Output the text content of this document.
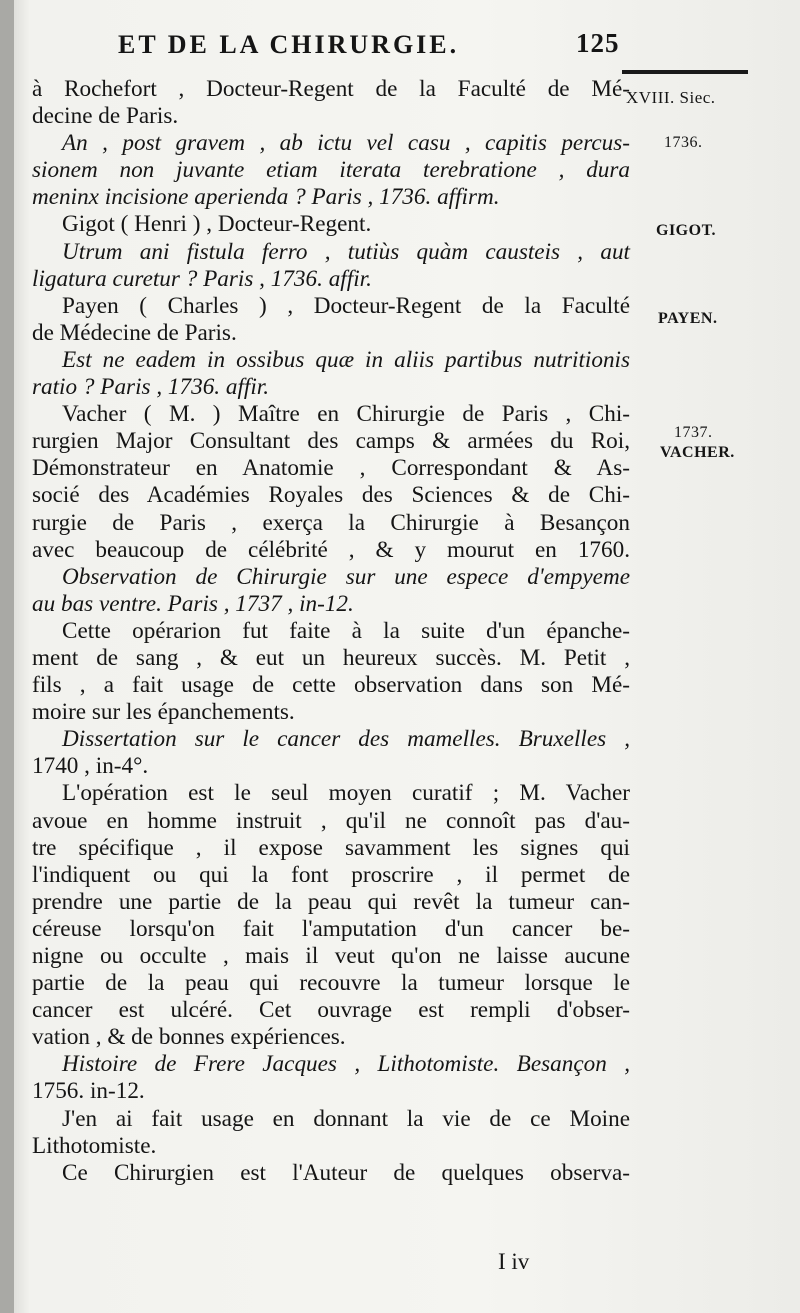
ET DE LA CHIRURGIE.	125
à Rochefort , Docteur-Regent de la Faculté de Mé-
decine de Paris.
An , post gravem , ab ictu vel casu , capitis percus-
sionem non juvante etiam iterata terebratione , dura
meninx incisione aperienda ? Paris , 1736. affirm.
Gigot ( Henri ) , Docteur-Regent.
Utrum ani fistula ferro , tutiùs quàm causteis , aut
ligatura curetur ? Paris , 1736. affir.
Payen ( Charles ) , Docteur-Regent de la Faculté
de Médecine de Paris.
Est ne eadem in ossibus quæ in aliis partibus nutritionis
ratio ? Paris , 1736. affir.
Vacher ( M. ) Maître en Chirurgie de Paris , Chi-
rurgien Major Consultant des camps & armées du Roi,
Démonstrateur en Anatomie , Correspondant & As-
socié des Académies Royales des Sciences & de Chi-
rurgie de Paris , exerça la Chirurgie à Besançon
avec beaucoup de célébrité , & y mourut en 1760.
Observation de Chirurgie sur une espece d'empyeme
au bas ventre. Paris , 1737 , in-12.
Cette opérarion fut faite à la suite d'un épanche-
ment de sang , & eut un heureux succès. M. Petit ,
fils , a fait usage de cette observation dans son Mé-
moire sur les épanchements.
Dissertation sur le cancer des mamelles. Bruxelles ,
1740 , in-4°.
L'opération est le seul moyen curatif ; M. Vacher
avoue en homme instruit , qu'il ne connoît pas d'au-
tre spécifique , il expose savamment les signes qui
l'indiquent ou qui la font proscrire , il permet de
prendre une partie de la peau qui revêt la tumeur can-
céreuse lorsqu'on fait l'amputation d'un cancer be-
nigne ou occulte , mais il veut qu'on ne laisse aucune
partie de la peau qui recouvre la tumeur lorsque le
cancer est ulcéré. Cet ouvrage est rempli d'obser-
vation , & de bonnes expériences.
Histoire de Frere Jacques , Lithotomiste. Besançon ,
1756. in-12.
J'en ai fait usage en donnant la vie de ce Moine
Lithotomiste.
Ce Chirurgien est l'Auteur de quelques observa-
XVIII. Siec.
1736.
GIGOT.
PAYEN.
1737.
VACHER.
I iv
